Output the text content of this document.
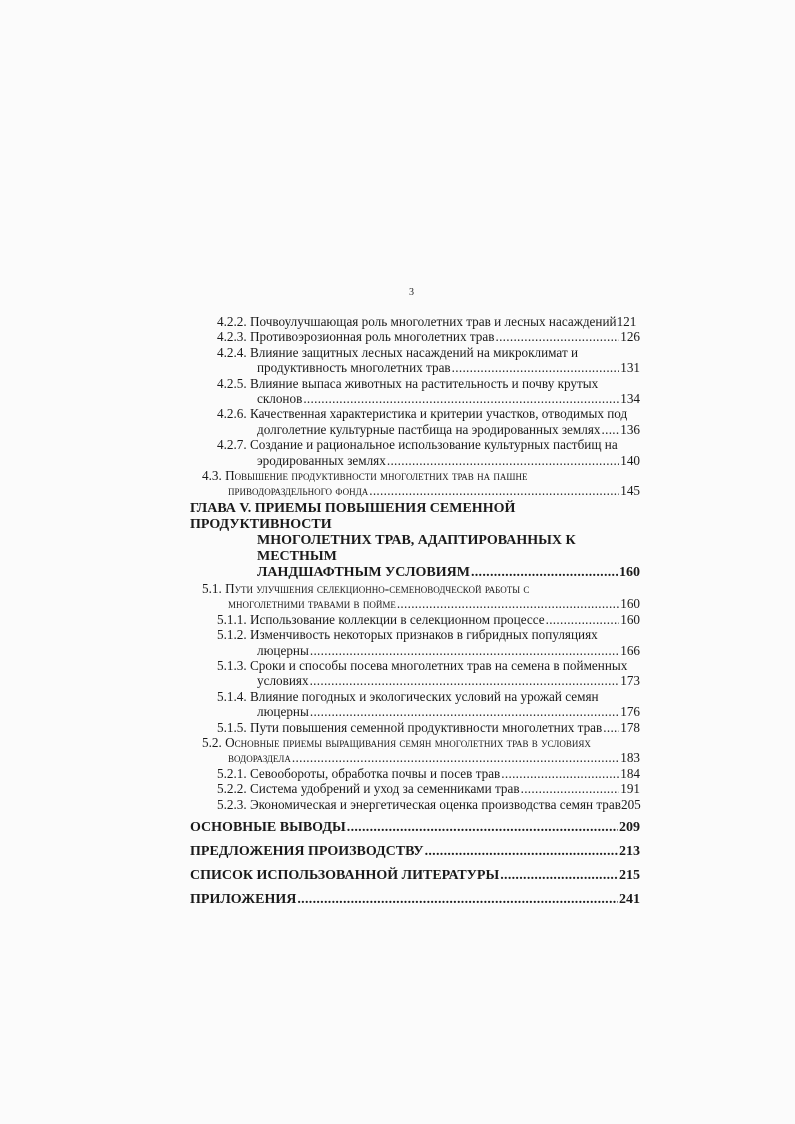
3
4.2.2. Почвоулучшающая роль многолетних трав и лесных насаждений 121
4.2.3. Противоэрозионная роль многолетних трав .....	126
4.2.4. Влияние защитных лесных насаждений на микроклимат и
продуктивность многолетних трав .....	131
4.2.5. Влияние выпаса животных на растительность и почву крутых
склонов .....	134
4.2.6. Качественная характеристика и критерии участков, отводимых под
долголетние культурные пастбища на эродированных землях ..... 136
4.2.7. Создание и рациональное использование культурных пастбищ на
эродированных землях .....	140
4.3. Повышение продуктивности многолетних трав на пашне
приводораздельного фонда .....	145
ГЛАВА V. ПРИЕМЫ ПОВЫШЕНИЯ СЕМЕННОЙ ПРОДУКТИВНОСТИ
МНОГОЛЕТНИХ ТРАВ, АДАПТИРОВАННЫХ К МЕСТНЫМ
ЛАНДШАФТНЫМ УСЛОВИЯМ .....	160
5.1. Пути улучшения селекционно-семеноводческой работы с
многолетними травами в пойме .....	160
5.1.1. Использование коллекции в селекционном процессе .....	160
5.1.2. Изменчивость некоторых признаков в гибридных популяциях
люцерны .....	166
5.1.3. Сроки и способы посева многолетних трав на семена в пойменных
условиях .....	173
5.1.4. Влияние погодных и экологических условий на урожай семян
люцерны .....	176
5.1.5. Пути повышения семенной продуктивности многолетних трав ..... 178
5.2. Основные приемы выращивания семян многолетних трав в условиях
водораздела .....	183
5.2.1. Севообороты, обработка почвы и посев трав .....	184
5.2.2. Система удобрений и уход за семенниками трав .....	191
5.2.3. Экономическая и энергетическая оценка производства семян трав 205
ОСНОВНЫЕ ВЫВОДЫ .....	209
ПРЕДЛОЖЕНИЯ ПРОИЗВОДСТВУ .....	213
СПИСОК ИСПОЛЬЗОВАННОЙ ЛИТЕРАТУРЫ .....	215
ПРИЛОЖЕНИЯ .....	241
